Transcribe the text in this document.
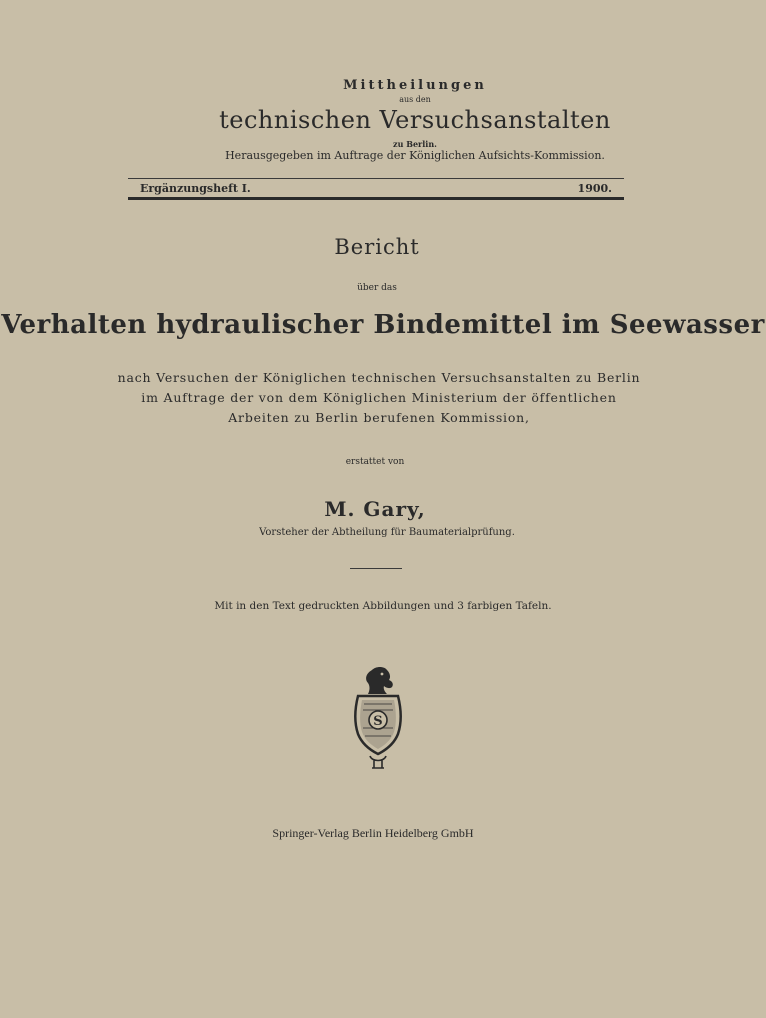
Mittheilungen
aus den
technischen Versuchsanstalten
zu Berlin.
Herausgegeben im Auftrage der Königlichen Aufsichts-Kommission.
Ergänzungsheft I.	1900.
Bericht
über das
Verhalten hydraulischer Bindemittel im Seewasser
nach Versuchen der Königlichen technischen Versuchsanstalten zu Berlin
im Auftrage der von dem Königlichen Ministerium der öffentlichen
Arbeiten zu Berlin berufenen Kommission,
erstattet von
M. Gary,
Vorsteher der Abtheilung für Baumaterialprüfung.
Mit in den Text gedruckten Abbildungen und 3 farbigen Tafeln.
S
Springer-Verlag Berlin Heidelberg GmbH
